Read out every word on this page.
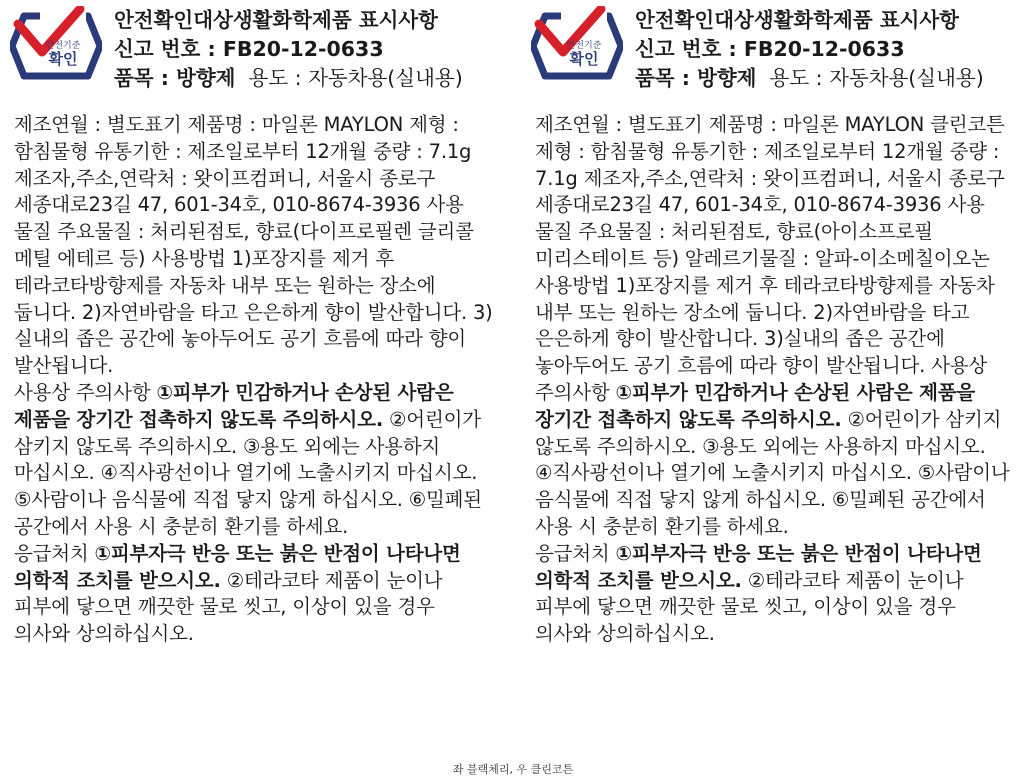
안전기준
확인
안전확인대상생활화학제품 표시사항
신고 번호 : FB20-12-0633
품목 : 방향제 용도 : 자동차용(실내용)

제조연월 : 별도표기 제품명 : 마일론 MAYLON 제형 : 함침물형 유통기한 : 제조일로부터 12개월 중량 : 7.1g 제조자,주소,연락처 : 왓이프컴퍼니, 서울시 종로구 세종대로23길 47, 601-34호, 010-8674-3936 사용 물질 주요물질 : 처리된점토, 향료(다이프로필렌 글리콜 메틸 에테르 등) 사용방법 1)포장지를 제거 후 테라코타방향제를 자동차 내부 또는 원하는 장소에 둡니다. 2)자연바람을 타고 은은하게 향이 발산합니다. 3)실내의 좁은 공간에 놓아두어도 공기 흐름에 따라 향이 발산됩니다.

사용상 주의사항 ①피부가 민감하거나 손상된 사람은 제품을 장기간 접촉하지 않도록 주의하시오. ②어린이가 삼키지 않도록 주의하시오. ③용도 외에는 사용하지 마십시오. ④직사광선이나 열기에 노출시키지 마십시오. ⑤사람이나 음식물에 직접 닿지 않게 하십시오. ⑥밀폐된 공간에서 사용 시 충분히 환기를 하세요.

응급처치 ①피부자극 반응 또는 붉은 반점이 나타나면 의학적 조치를 받으시오. ②테라코타 제품이 눈이나 피부에 닿으면 깨끗한 물로 씻고, 이상이 있을 경우 의사와 상의하십시오.

안전기준
확인
안전확인대상생활화학제품 표시사항
신고 번호 : FB20-12-0633
품목 : 방향제 용도 : 자동차용(실내용)

제조연월 : 별도표기 제품명 : 마일론 MAYLON 클린코튼 제형 : 함침물형 유통기한 : 제조일로부터 12개월 중량 : 7.1g 제조자,주소,연락처 : 왓이프컴퍼니, 서울시 종로구 세종대로23길 47, 601-34호, 010-8674-3936 사용 물질 주요물질 : 처리된점토, 향료(아이소프로필 미리스테이트 등) 알레르기물질 : 알파-이소메칠이오논 사용방법 1)포장지를 제거 후 테라코타방향제를 자동차 내부 또는 원하는 장소에 둡니다. 2)자연바람을 타고 은은하게 향이 발산합니다. 3)실내의 좁은 공간에 놓아두어도 공기 흐름에 따라 향이 발산됩니다. 사용상 주의사항 ①피부가 민감하거나 손상된 사람은 제품을 장기간 접촉하지 않도록 주의하시오. ②어린이가 삼키지 않도록 주의하시오. ③용도 외에는 사용하지 마십시오. ④직사광선이나 열기에 노출시키지 마십시오. ⑤사람이나 음식물에 직접 닿지 않게 하십시오. ⑥밀폐된 공간에서 사용 시 충분히 환기를 하세요.

응급처치 ①피부자극 반응 또는 붉은 반점이 나타나면 의학적 조치를 받으시오. ②테라코타 제품이 눈이나 피부에 닿으면 깨끗한 물로 씻고, 이상이 있을 경우 의사와 상의하십시오.

좌 블랙체리, 우 클린코튼
